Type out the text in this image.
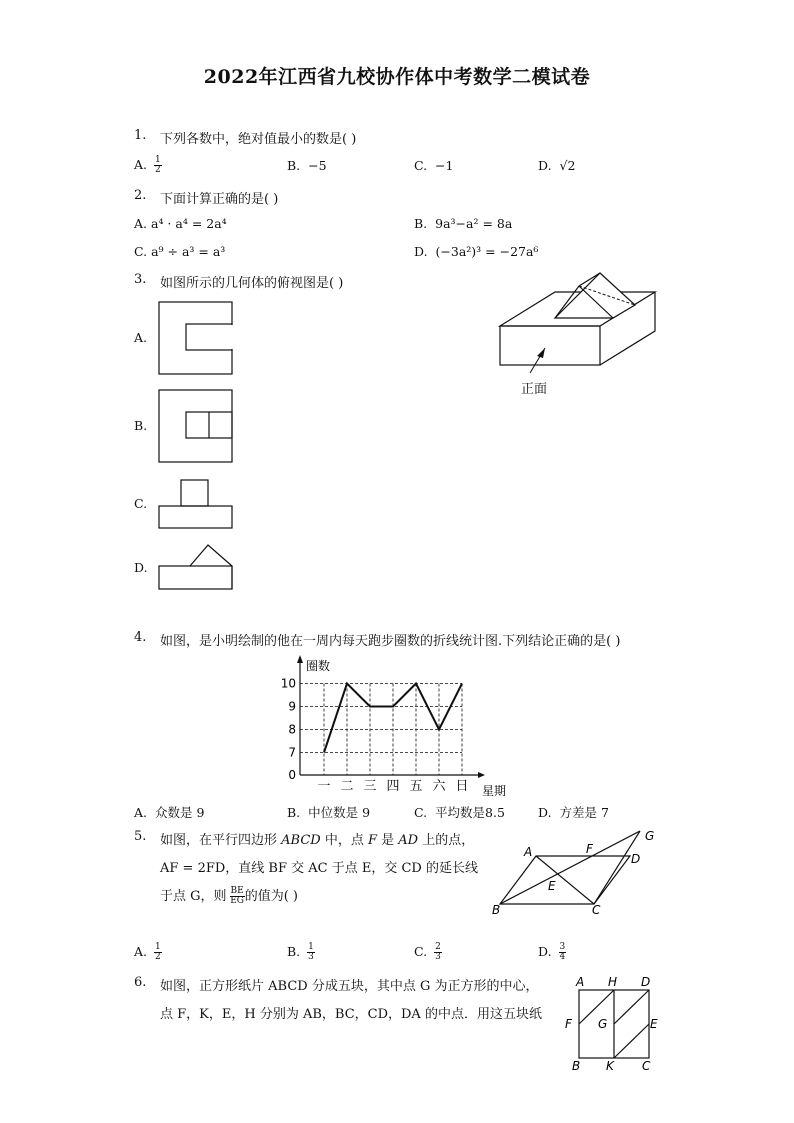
2022年江西省九校协作体中考数学二模试卷
1. 下列各数中，绝对值最小的数是( )
A. $\frac{1}{2}$	B. −5	C. −1	D. √2
2. 下面计算正确的是( )
A. a⁴ · a⁴ = 2a⁴	B. 9a³−a² = 8a
C. a⁹ ÷ a³ = a³	D. (−3a²)³ = −27a⁶
3. 如图所示的几何体的俯视图是( )
A.
B.
C.
D.
正面
4. 如图，是小明绘制的他在一周内每天跑步圈数的折线统计图.下列结论正确的是( )
0
7
8
9
10
一 二 三 四 五 六 日
圈数
星期
A. 众数是 9	B. 中位数是 9	C. 平均数是8.5	D. 方差是 7
5. 如图，在平行四边形 ABCD 中，点 F 是 AD 上的点，
AF = 2FD，直线 BF 交 AC 于点 E，交 CD 的延长线
于点 G，则 $\frac{BE}{EG}$ 的值为( )
A	F
D
G
E
B	C
A. $\frac{1}{2}$	B. $\frac{1}{3}$	C. $\frac{2}{3}$	D. $\frac{3}{4}$
6. 如图，正方形纸片 ABCD 分成五块，其中点 G 为正方形的中心，
点 F，K，E，H 分别为 AB，BC，CD，DA 的中点．用这五块纸
A H D
F G	E
B K C
